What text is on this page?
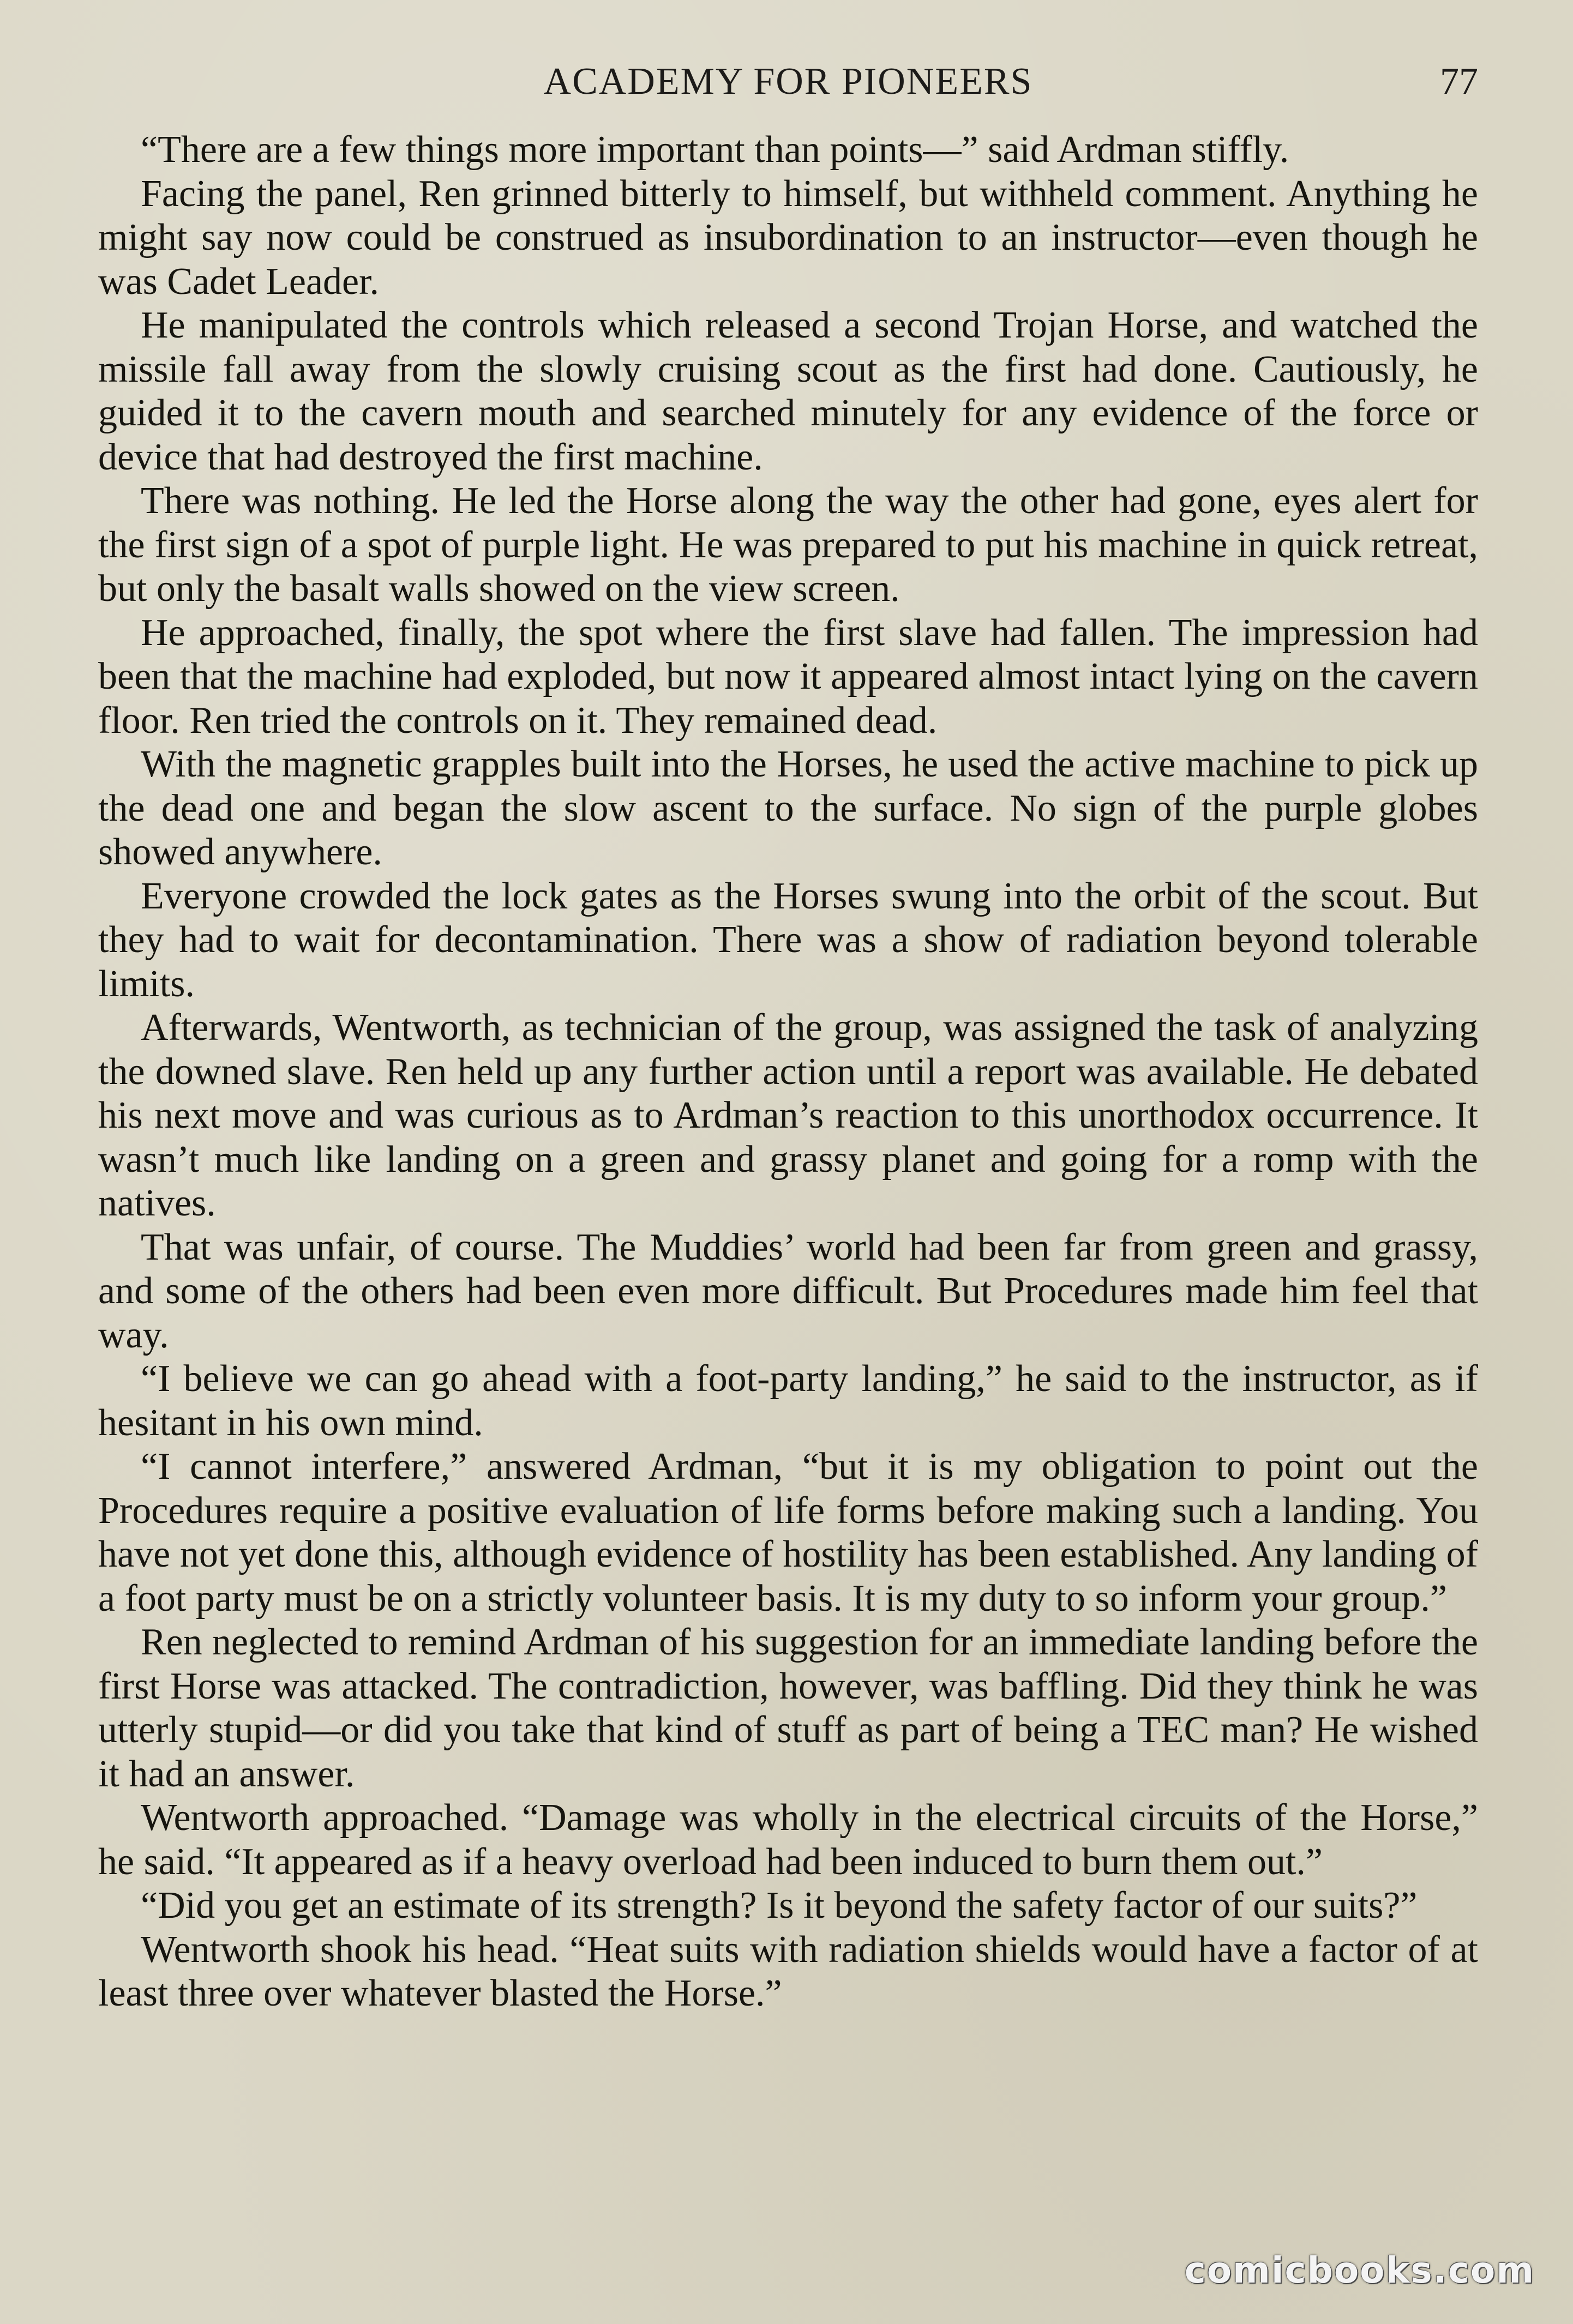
ACADEMY FOR PIONEERS	77

“There are a few things more important than points—” said Ardman stiffly.

Facing the panel, Ren grinned bitterly to himself, but withheld comment. Anything he might say now could be construed as insubordination to an instructor—even though he was Cadet Leader.

He manipulated the controls which released a second Trojan Horse, and watched the missile fall away from the slowly cruising scout as the first had done. Cautiously, he guided it to the cavern mouth and searched minutely for any evidence of the force or device that had destroyed the first machine.

There was nothing. He led the Horse along the way the other had gone, eyes alert for the first sign of a spot of purple light. He was prepared to put his machine in quick retreat, but only the basalt walls showed on the view screen.

He approached, finally, the spot where the first slave had fallen. The impression had been that the machine had exploded, but now it appeared almost intact lying on the cavern floor. Ren tried the controls on it. They remained dead.

With the magnetic grapples built into the Horses, he used the active machine to pick up the dead one and began the slow ascent to the surface. No sign of the purple globes showed anywhere.

Everyone crowded the lock gates as the Horses swung into the orbit of the scout. But they had to wait for decontamination. There was a show of radiation beyond tolerable limits.

Afterwards, Wentworth, as technician of the group, was assigned the task of analyzing the downed slave. Ren held up any further action until a report was available. He debated his next move and was curious as to Ardman’s reaction to this unorthodox occurrence. It wasn’t much like landing on a green and grassy planet and going for a romp with the natives.

That was unfair, of course. The Muddies’ world had been far from green and grassy, and some of the others had been even more difficult. But Procedures made him feel that way.

“I believe we can go ahead with a foot-party landing,” he said to the instructor, as if hesitant in his own mind.

“I cannot interfere,” answered Ardman, “but it is my obligation to point out the Procedures require a positive evaluation of life forms before making such a landing. You have not yet done this, although evidence of hostility has been established. Any landing of a foot party must be on a strictly volunteer basis. It is my duty to so inform your group.”

Ren neglected to remind Ardman of his suggestion for an immediate landing before the first Horse was attacked. The contradiction, however, was baffling. Did they think he was utterly stupid—or did you take that kind of stuff as part of being a TEC man? He wished it had an answer.

Wentworth approached. “Damage was wholly in the electrical circuits of the Horse,” he said. “It appeared as if a heavy overload had been induced to burn them out.”

“Did you get an estimate of its strength? Is it beyond the safety factor of our suits?”

Wentworth shook his head. “Heat suits with radiation shields would have a factor of at least three over whatever blasted the Horse.”

comicbooks.com
